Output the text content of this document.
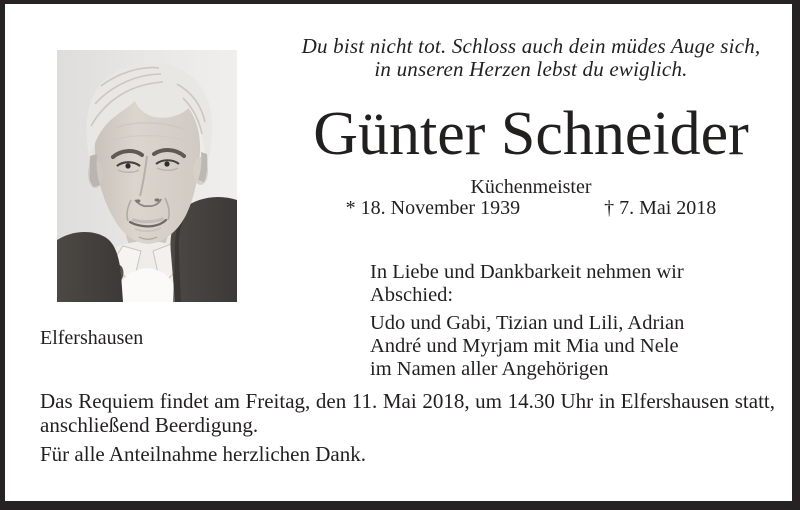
Du bist nicht tot. Schloss auch dein müdes Auge sich,
in unseren Herzen lebst du ewiglich.
Günter Schneider
Küchenmeister
* 18. November 1939	† 7. Mai 2018
In Liebe und Dankbarkeit nehmen wir Abschied:
Udo und Gabi, Tizian und Lili, Adrian
André und Myrjam mit Mia und Nele
im Namen aller Angehörigen
Elfershausen
Das Requiem findet am Freitag, den 11. Mai 2018, um 14.30 Uhr in Elfershausen statt,
anschließend Beerdigung.
Für alle Anteilnahme herzlichen Dank.
